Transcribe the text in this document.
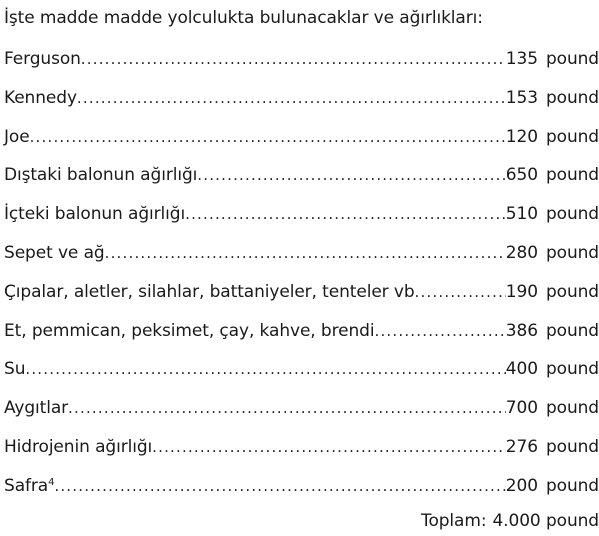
İşte madde madde yolculukta bulunacaklar ve ağırlıkları:
Ferguson .....	135 pound
Kennedy .....	153 pound
Joe .....	120 pound
Dıştaki balonun ağırlığı .....	650 pound
İçteki balonun ağırlığı .....	510 pound
Sepet ve ağ .....	280 pound
Çıpalar, aletler, silahlar, battaniyeler, tenteler vb .....	190 pound
Et, pemmican, peksimet, çay, kahve, brendi .....	386 pound
Su .....	400 pound
Aygıtlar .....	700 pound
Hidrojenin ağırlığı .....	276 pound
Safra$^4$ .....	200 pound
Toplam: 4.000 pound
